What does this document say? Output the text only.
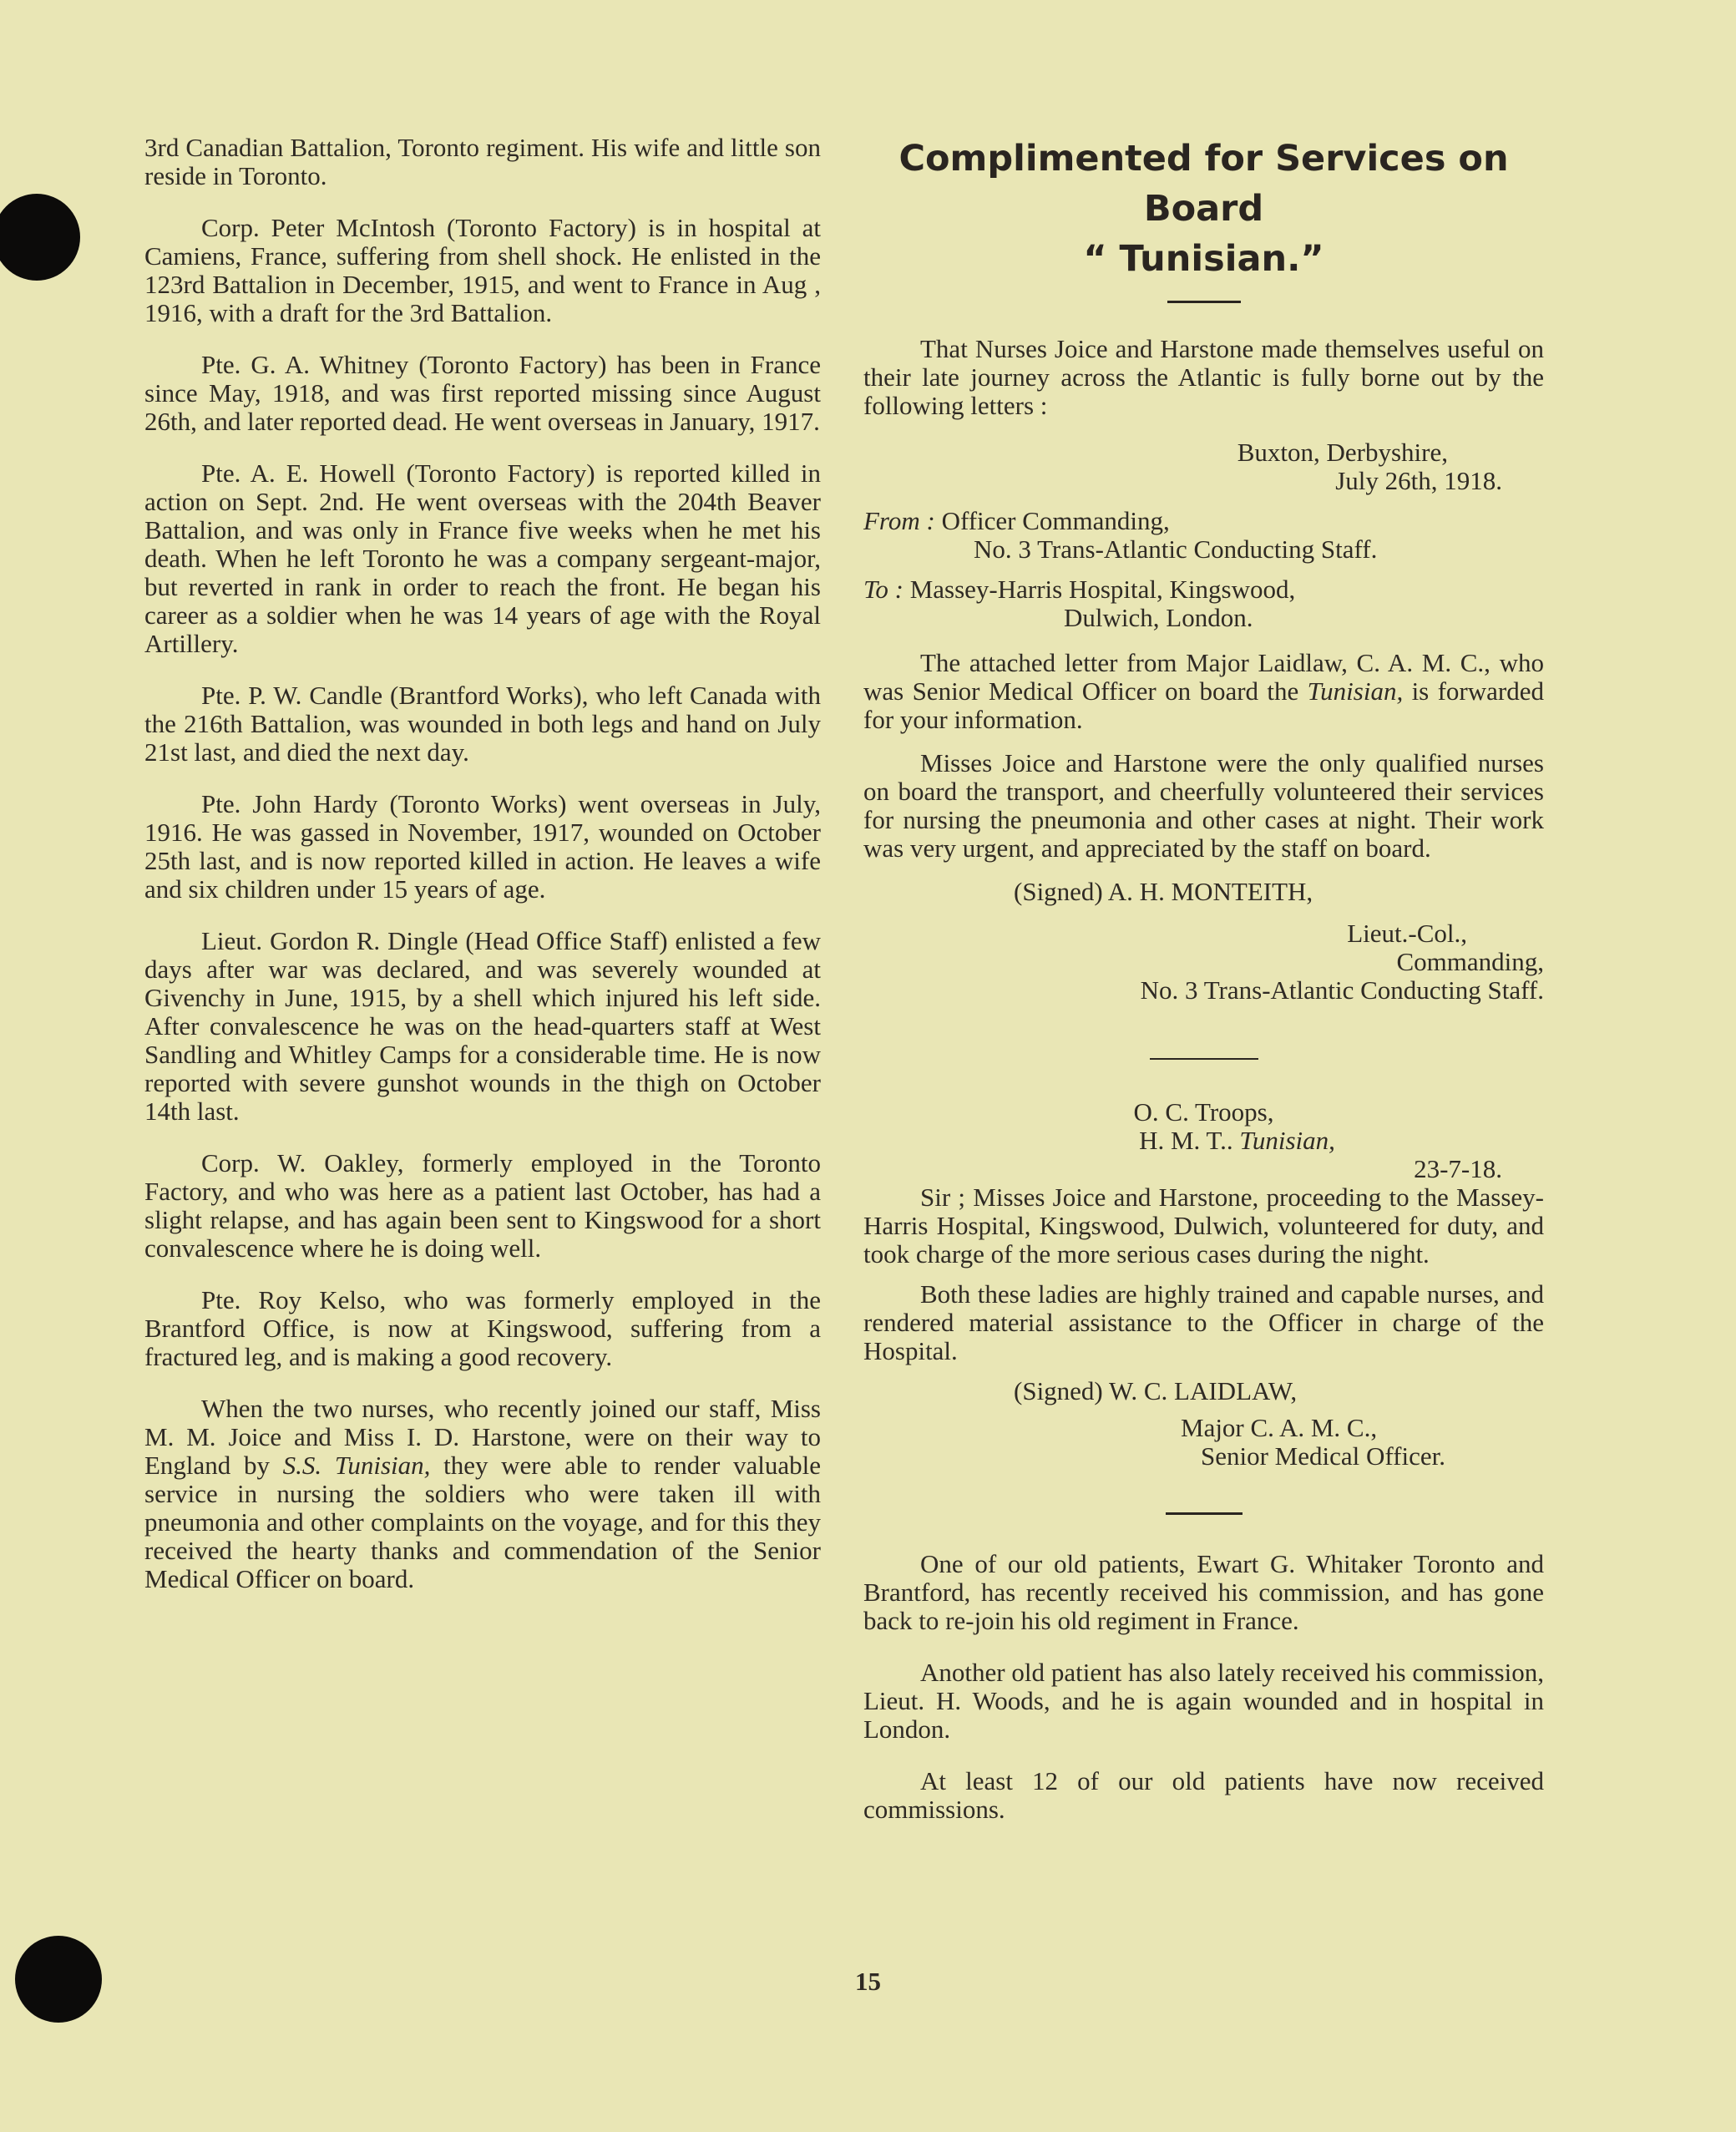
3rd Canadian Battalion, Toronto regiment. His wife and little son reside in Toronto.

Corp. Peter McIntosh (Toronto Factory) is in hospital at Camiens, France, suffering from shell shock. He enlisted in the 123rd Battalion in December, 1915, and went to France in Aug , 1916, with a draft for the 3rd Battalion.

Pte. G. A. Whitney (Toronto Factory) has been in France since May, 1918, and was first reported missing since August 26th, and later reported dead. He went overseas in January, 1917.

Pte. A. E. Howell (Toronto Factory) is reported killed in action on Sept. 2nd. He went overseas with the 204th Beaver Battalion, and was only in France five weeks when he met his death. When he left Toronto he was a company sergeant-major, but reverted in rank in order to reach the front. He began his career as a soldier when he was 14 years of age with the Royal Artillery.

Pte. P. W. Candle (Brantford Works), who left Canada with the 216th Battalion, was wounded in both legs and hand on July 21st last, and died the next day.

Pte. John Hardy (Toronto Works) went overseas in July, 1916. He was gassed in November, 1917, wounded on October 25th last, and is now reported killed in action. He leaves a wife and six children under 15 years of age.

Lieut. Gordon R. Dingle (Head Office Staff) enlisted a few days after war was declared, and was severely wounded at Givenchy in June, 1915, by a shell which injured his left side. After convalescence he was on the head-quarters staff at West Sandling and Whitley Camps for a considerable time. He is now reported with severe gunshot wounds in the thigh on October 14th last.

Corp. W. Oakley, formerly employed in the Toronto Factory, and who was here as a patient last October, has had a slight relapse, and has again been sent to Kingswood for a short convalescence where he is doing well.

Pte. Roy Kelso, who was formerly employed in the Brantford Office, is now at Kingswood, suffering from a fractured leg, and is making a good recovery.

When the two nurses, who recently joined our staff, Miss M. M. Joice and Miss I. D. Harstone, were on their way to England by S.S. Tunisian, they were able to render valuable service in nursing the soldiers who were taken ill with pneumonia and other complaints on the voyage, and for this they received the hearty thanks and commendation of the Senior Medical Officer on board.

Complimented for Services on Board
“ Tunisian.”

That Nurses Joice and Harstone made themselves useful on their late journey across the Atlantic is fully borne out by the following letters :

Buxton, Derbyshire,
July 26th, 1918.
From : Officer Commanding,
No. 3 Trans-Atlantic Conducting Staff.
To : Massey-Harris Hospital, Kingswood,
Dulwich, London.

The attached letter from Major Laidlaw, C. A. M. C., who was Senior Medical Officer on board the Tunisian, is forwarded for your information.

Misses Joice and Harstone were the only qualified nurses on board the transport, and cheerfully volunteered their services for nursing the pneumonia and other cases at night. Their work was very urgent, and appreciated by the staff on board.

(Signed) A. H. MONTEITH,
Lieut.-Col.,
Commanding,
No. 3 Trans-Atlantic Conducting Staff.
O. C. Troops,
H. M. T.. Tunisian,
23-7-18.

Sir ; Misses Joice and Harstone, proceeding to the Massey-Harris Hospital, Kingswood, Dulwich, volunteered for duty, and took charge of the more serious cases during the night.

Both these ladies are highly trained and capable nurses, and rendered material assistance to the Officer in charge of the Hospital.

(Signed) W. C. LAIDLAW,
Major C. A. M. C.,
Senior Medical Officer.

One of our old patients, Ewart G. Whitaker Toronto and Brantford, has recently received his commission, and has gone back to re-join his old regiment in France.

Another old patient has also lately received his commission, Lieut. H. Woods, and he is again wounded and in hospital in London.

At least 12 of our old patients have now received commissions.

15
